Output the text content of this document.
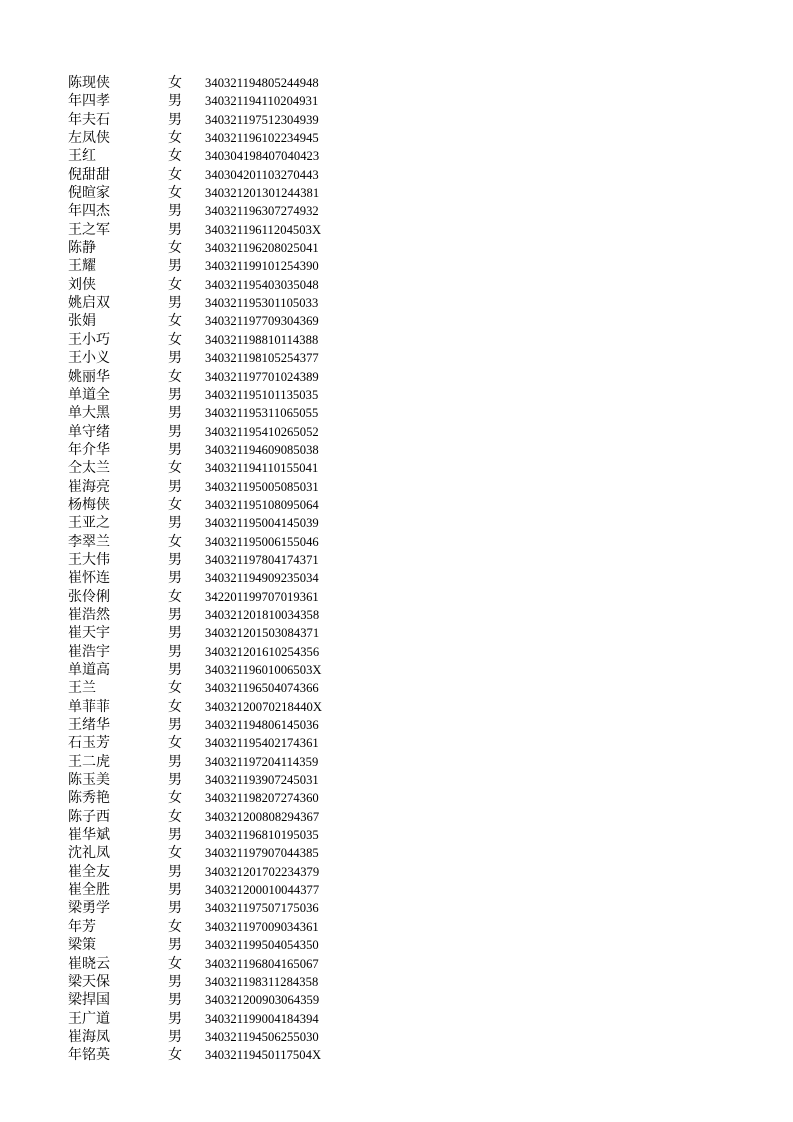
陈现侠	女 340321194805244948
年四孝	男 340321194110204931
年夫石	男 340321197512304939
左凤侠	女 340321196102234945
王红	女 340304198407040423
倪甜甜	女 340304201103270443
倪暄家	女 340321201301244381
年四杰	男 340321196307274932
王之军	男 34032119611204503X
陈静	女 340321196208025041
王耀	男 340321199101254390
刘侠	女 340321195403035048
姚启双	男 340321195301105033
张娟	女 340321197709304369
王小巧	女 340321198810114388
王小义	男 340321198105254377
姚丽华	女 340321197701024389
单道全	男 340321195101135035
单大黑	男 340321195311065055
单守绪	男 340321195410265052
年介华	男 340321194609085038
仝太兰	女 340321194110155041
崔海亮	男 340321195005085031
杨梅侠	女 340321195108095064
王亚之	男 340321195004145039
李翠兰	女 340321195006155046
王大伟	男 340321197804174371
崔怀连	男 340321194909235034
张伶俐	女 342201199707019361
崔浩然	男 340321201810034358
崔天宇	男 340321201503084371
崔浩宇	男 340321201610254356
单道高	男 34032119601006503X
王兰	女 340321196504074366
单菲菲	女 34032120070218440X
王绪华	男 340321194806145036
石玉芳	女 340321195402174361
王二虎	男 340321197204114359
陈玉美	男 340321193907245031
陈秀艳	女 340321198207274360
陈子西	女 340321200808294367
崔华斌	男 340321196810195035
沈礼凤	女 340321197907044385
崔全友	男 340321201702234379
崔全胜	男 340321200010044377
梁勇学	男 340321197507175036
年芳	女 340321197009034361
梁策	男 340321199504054350
崔晓云	女 340321196804165067
梁天保	男 340321198311284358
梁捍国	男 340321200903064359
王广道	男 340321199004184394
崔海凤	男 340321194506255030
年铭英	女 34032119450117504X
